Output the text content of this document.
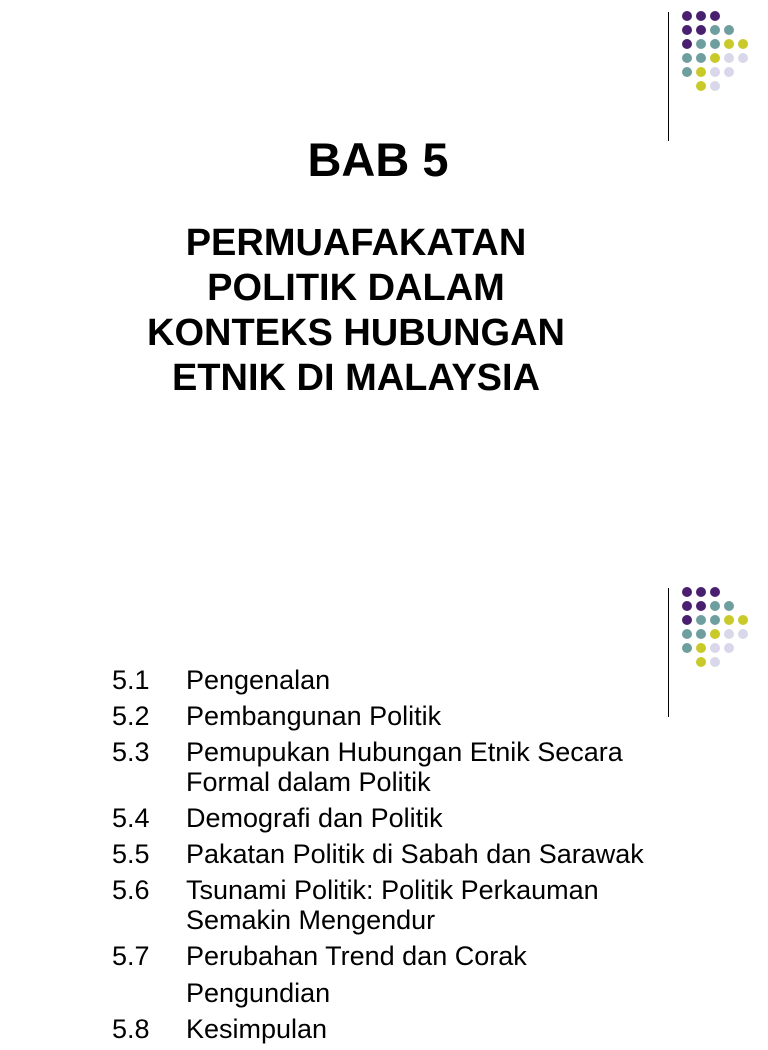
BAB 5
PERMUAFAKATAN
POLITIK DALAM
KONTEKS HUBUNGAN
ETNIK DI MALAYSIA
5.1	Pengenalan
5.2	Pembangunan Politik
5.3	Pemupukan Hubungan Etnik Secara
Formal dalam Politik
5.4	Demografi dan Politik
5.5	Pakatan Politik di Sabah dan Sarawak
5.6	Tsunami Politik: Politik Perkauman
Semakin Mengendur
5.7	Perubahan Trend dan Corak
Pengundian
5.8	Kesimpulan
